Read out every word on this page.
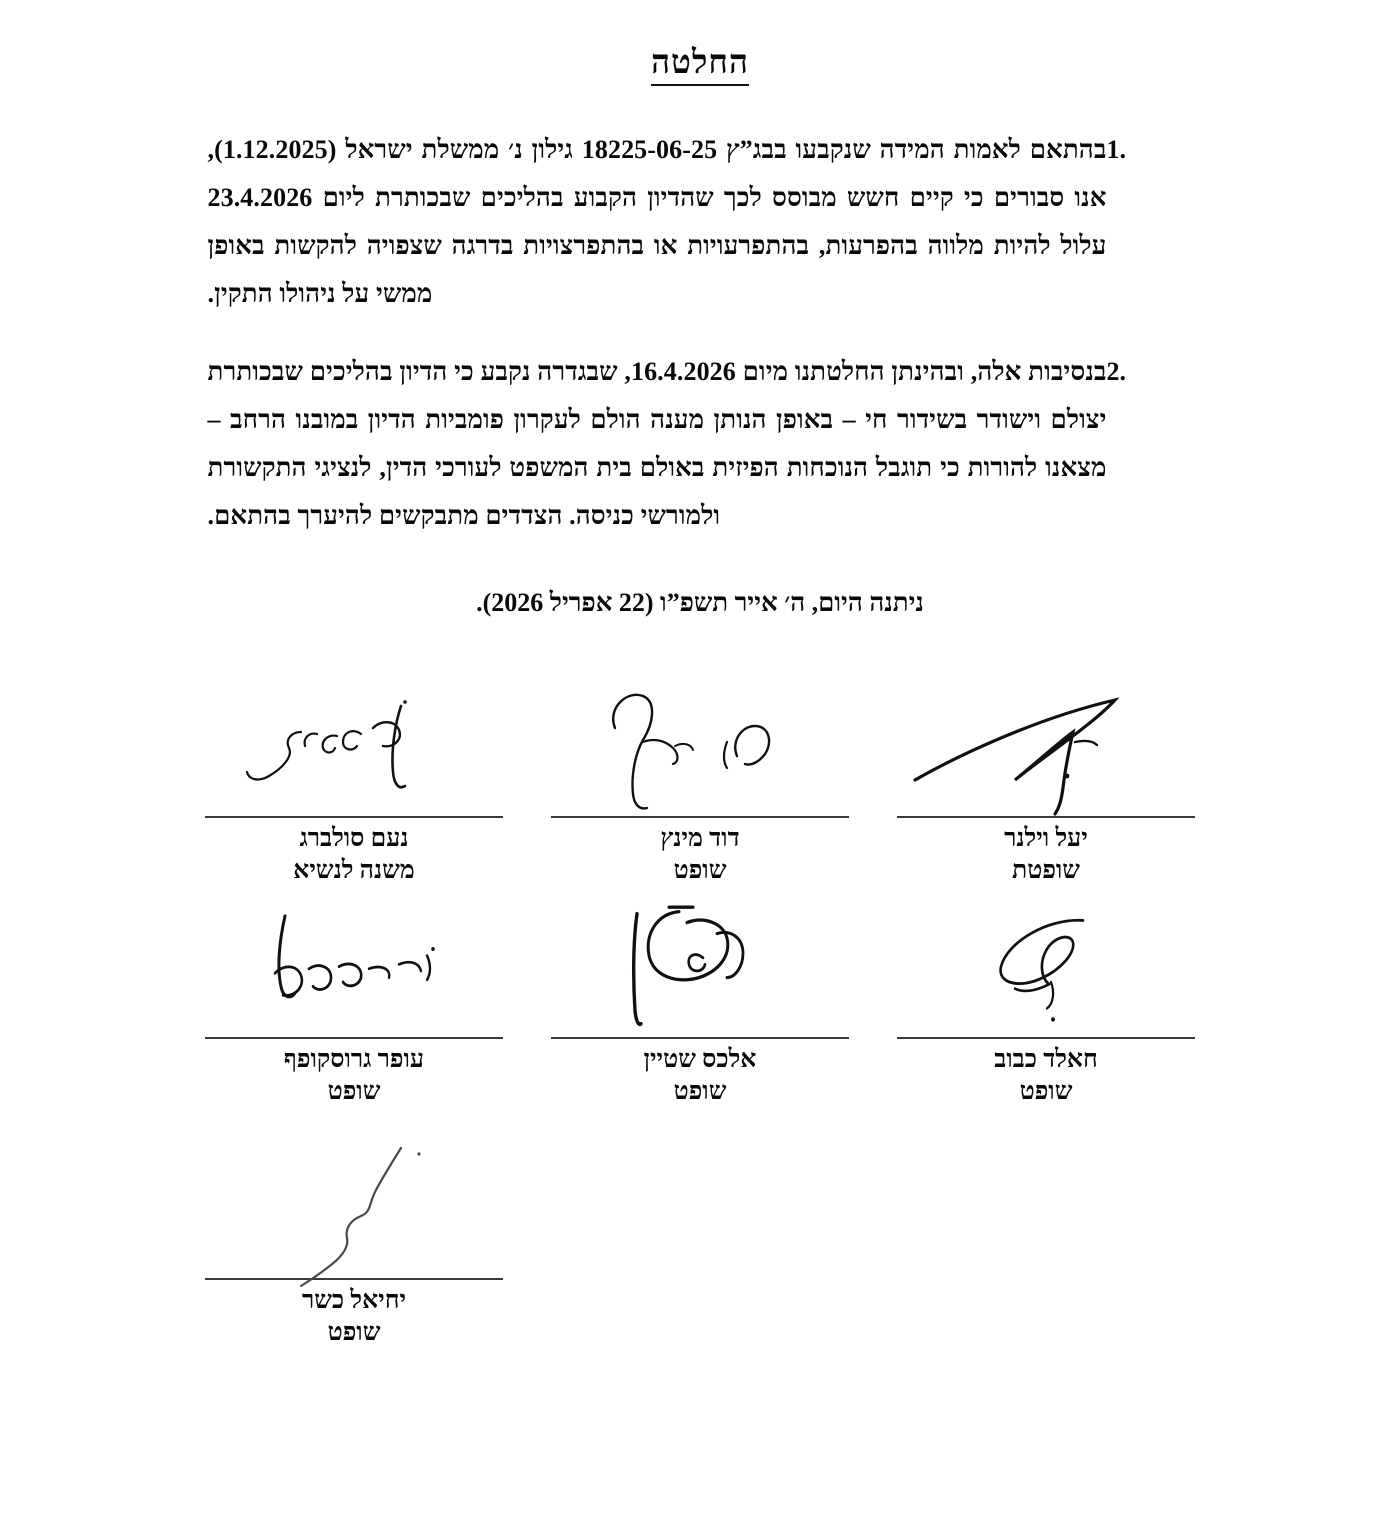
החלטה
.1
בהתאם לאמות המידה שנקבעו בבג”ץ 18225-06-25 גילון נ׳ ממשלת ישראל (1.12.2025), אנו סבורים כי קיים חשש מבוסס לכך שהדיון הקבוע בהליכים שבכותרת ליום 23.4.2026 עלול להיות מלווה בהפרעות, בהתפרעויות או בהתפרצויות בדרגה שצפויה להקשות באופן ממשי על ניהולו התקין.
.2
בנסיבות אלה, ובהינתן החלטתנו מיום 16.4.2026, שבגדרה נקבע כי הדיון בהליכים שבכותרת יצולם וישודר בשידור חי – באופן הנותן מענה הולם לעקרון פומביות הדיון במובנו הרחב – מצאנו להורות כי תוגבל הנוכחות הפיזית באולם בית המשפט לעורכי הדין, לנציגי התקשורת ולמורשי כניסה. הצדדים מתבקשים להיערך בהתאם.
ניתנה היום, ה׳ אייר תשפ”ו (22 אפריל 2026).
יעל וילנר
שופטת
דוד מינץ
שופט
נעם סולברג
משנה לנשיא
חאלד כבוב
שופט
אלכס שטיין
שופט
עופר גרוסקופף
שופט
יחיאל כשר
שופט
